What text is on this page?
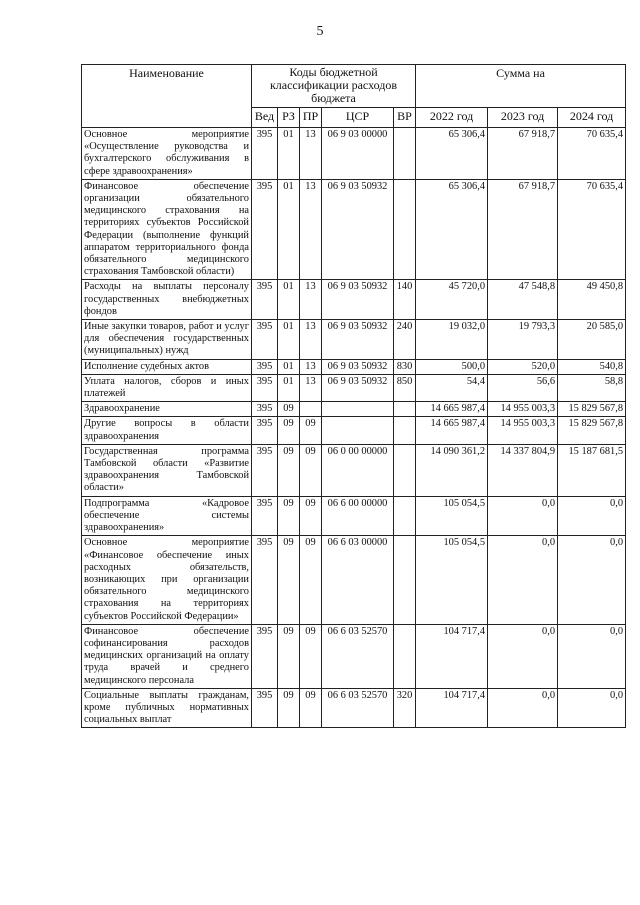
5
Наименование	Коды бюджетной классификации расходов бюджета					Сумма на		
	Вед	РЗ	ПР	ЦСР	ВР	2022 год	2023 год	2024 год
Основное мероприятие «Осуществление руководства и бухгалтерского обслуживания в сфере здравоохранения»	395	01	13	06 9 03 00000		65 306,4	67 918,7	70 635,4
Финансовое обеспечение организации обязательного медицинского страхования на территориях субъектов Российской Федерации (выполнение функций аппаратом территориального фонда обязательного медицинского страхования Тамбовской области)	395	01	13	06 9 03 50932		65 306,4	67 918,7	70 635,4
Расходы на выплаты персоналу государственных внебюджетных фондов	395	01	13	06 9 03 50932	140	45 720,0	47 548,8	49 450,8
Иные закупки товаров, работ и услуг для обеспечения государственных (муниципальных) нужд	395	01	13	06 9 03 50932	240	19 032,0	19 793,3	20 585,0
Исполнение судебных актов	395	01	13	06 9 03 50932	830	500,0	520,0	540,8
Уплата налогов, сборов и иных платежей	395	01	13	06 9 03 50932	850	54,4	56,6	58,8
Здравоохранение	395	09				14 665 987,4	14 955 003,3	15 829 567,8
Другие вопросы в области здравоохранения	395	09	09			14 665 987,4	14 955 003,3	15 829 567,8
Государственная программа Тамбовской области «Развитие здравоохранения Тамбовской области»	395	09	09	06 0 00 00000		14 090 361,2	14 337 804,9	15 187 681,5
Подпрограмма «Кадровое обеспечение системы здравоохранения»	395	09	09	06 6 00 00000		105 054,5	0,0	0,0
Основное мероприятие «Финансовое обеспечение иных расходных обязательств, возникающих при организации обязательного медицинского страхования на территориях субъектов Российской Федерации»	395	09	09	06 6 03 00000		105 054,5	0,0	0,0
Финансовое обеспечение софинансирования расходов медицинских организаций на оплату труда врачей и среднего медицинского персонала	395	09	09	06 6 03 52570		104 717,4	0,0	0,0
Социальные выплаты гражданам, кроме публичных нормативных социальных выплат	395	09	09	06 6 03 52570	320	104 717,4	0,0	0,0
